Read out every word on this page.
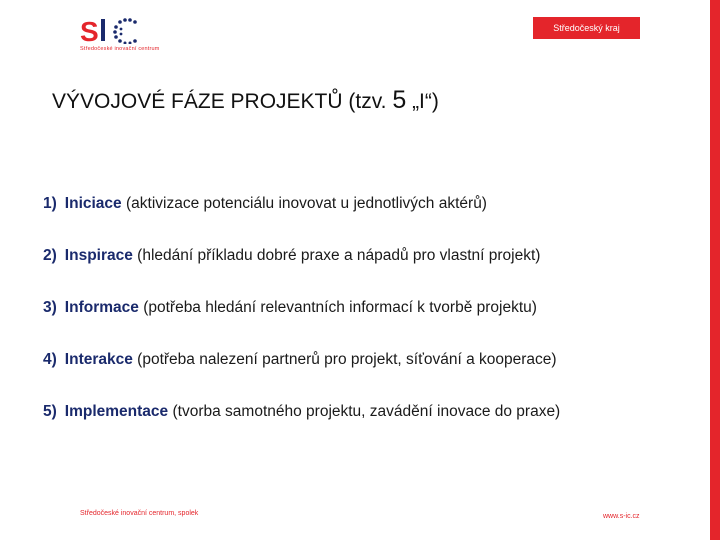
S
Středočeské inovační centrum
Středočeský kraj
VÝVOJOVÉ FÁZE PROJEKTŮ (tzv. 5 „I“)
1) Iniciace (aktivizace potenciálu inovovat u jednotlivých aktérů)
2) Inspirace (hledání příkladu dobré praxe a nápadů pro vlastní projekt)
3) Informace (potřeba hledání relevantních informací k tvorbě projektu)
4) Interakce (potřeba nalezení partnerů pro projekt, síťování a kooperace)
5) Implementace (tvorba samotného projektu, zavádění inovace do praxe)
Středočeské inovační centrum, spolek	www.s-ic.cz
